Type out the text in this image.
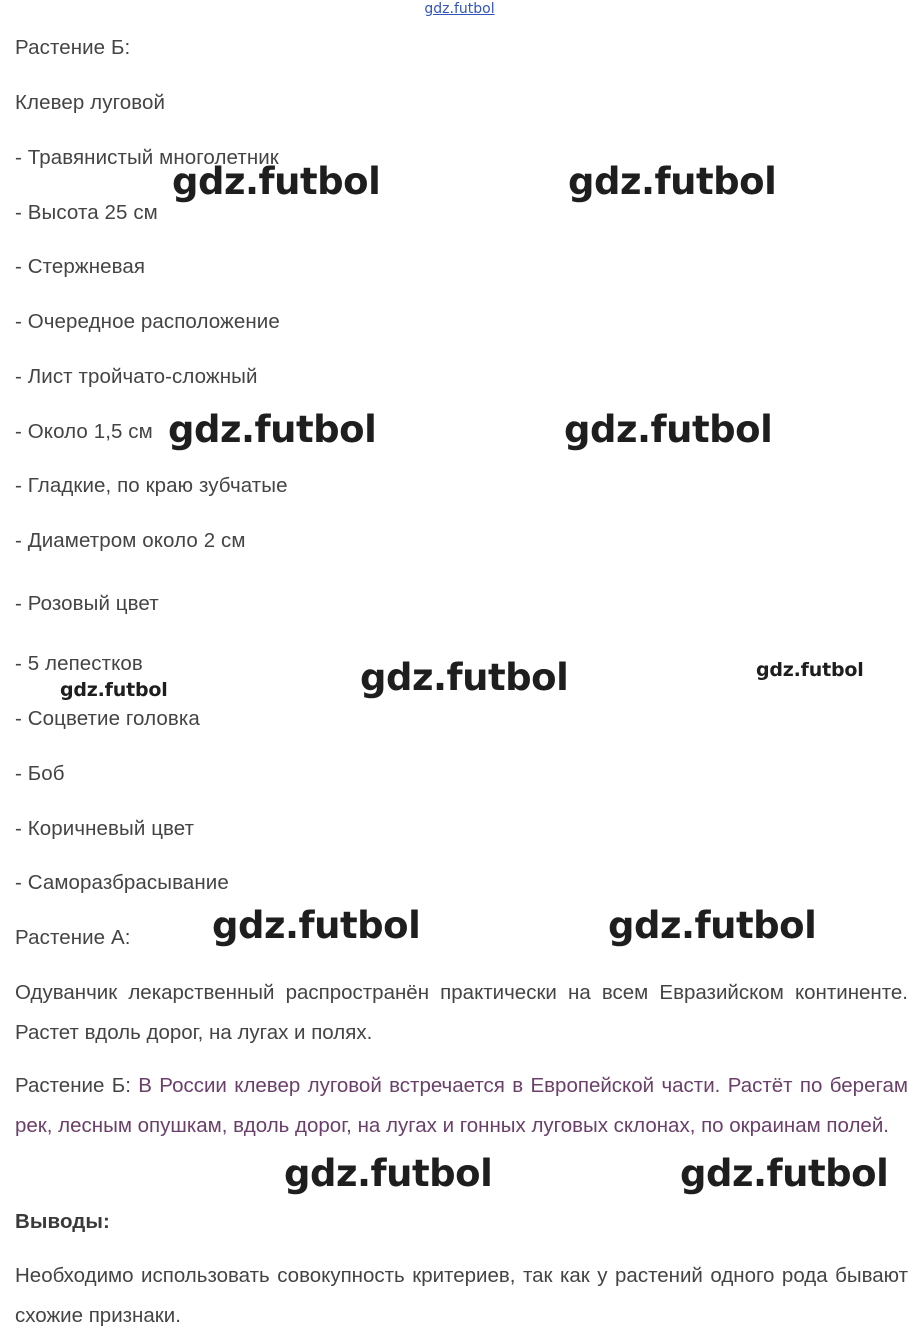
gdz.futbol
Растение Б:
Клевер луговой
- Травянистый многолетник
- Высота 25 см
- Стержневая
- Очередное расположение
- Лист тройчато-сложный
- Около 1,5 см
- Гладкие, по краю зубчатые
- Диаметром около 2 см
- Розовый цвет
- 5 лепестков
- Соцветие головка
- Боб
- Коричневый цвет
- Саморазбрасывание
Растение А:
Одуванчик лекарственный распространён практически на всем Евразийском континенте. Растет вдоль дорог, на лугах и полях.
Растение Б: В России клевер луговой встречается в Европейской части. Растёт по берегам рек, лесным опушкам, вдоль дорог, на лугах и гонных луговых склонах, по окраинам полей.
Выводы:
Необходимо использовать совокупность критериев, так как у растений одного рода бывают схожие признаки.
gdz.futbol	gdz.futbol
gdz.futbol	gdz.futbol
gdz.futbol	gdz.futbol
gdz.futbol
gdz.futbol	gdz.futbol
gdz.futbol	gdz.futbol
